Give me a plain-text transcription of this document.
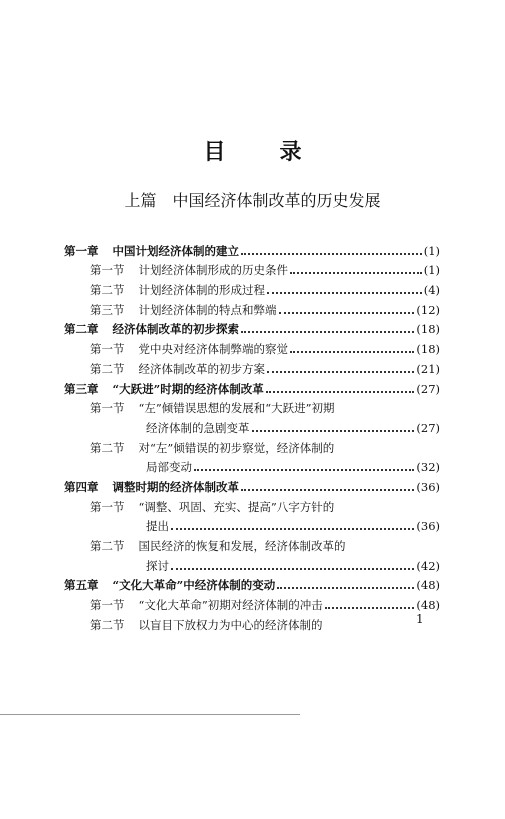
目 录
上篇 中国经济体制改革的历史发展
第一章 中国计划经济体制的建立	(1)
第一节 计划经济体制形成的历史条件	(1)
第二节 计划经济体制的形成过程	(4)
第三节 计划经济体制的特点和弊端	(12)
第二章 经济体制改革的初步探索	(18)
第一节 党中央对经济体制弊端的察觉	(18)
第二节 经济体制改革的初步方案	(21)
第三章 “大跃进”时期的经济体制改革	(27)
第一节 “左”倾错误思想的发展和“大跃进”初期
经济体制的急剧变革	(27)
第二节 对“左”倾错误的初步察觉，经济体制的
局部变动	(32)
第四章 调整时期的经济体制改革	(36)
第一节 “调整、巩固、充实、提高”八字方针的
提出	(36)
第二节 国民经济的恢复和发展，经济体制改革的
探讨	(42)
第五章 “文化大革命”中经济体制的变动	(48)
第一节 “文化大革命”初期对经济体制的冲击	(48)
第二节 以盲目下放权力为中心的经济体制的	1
